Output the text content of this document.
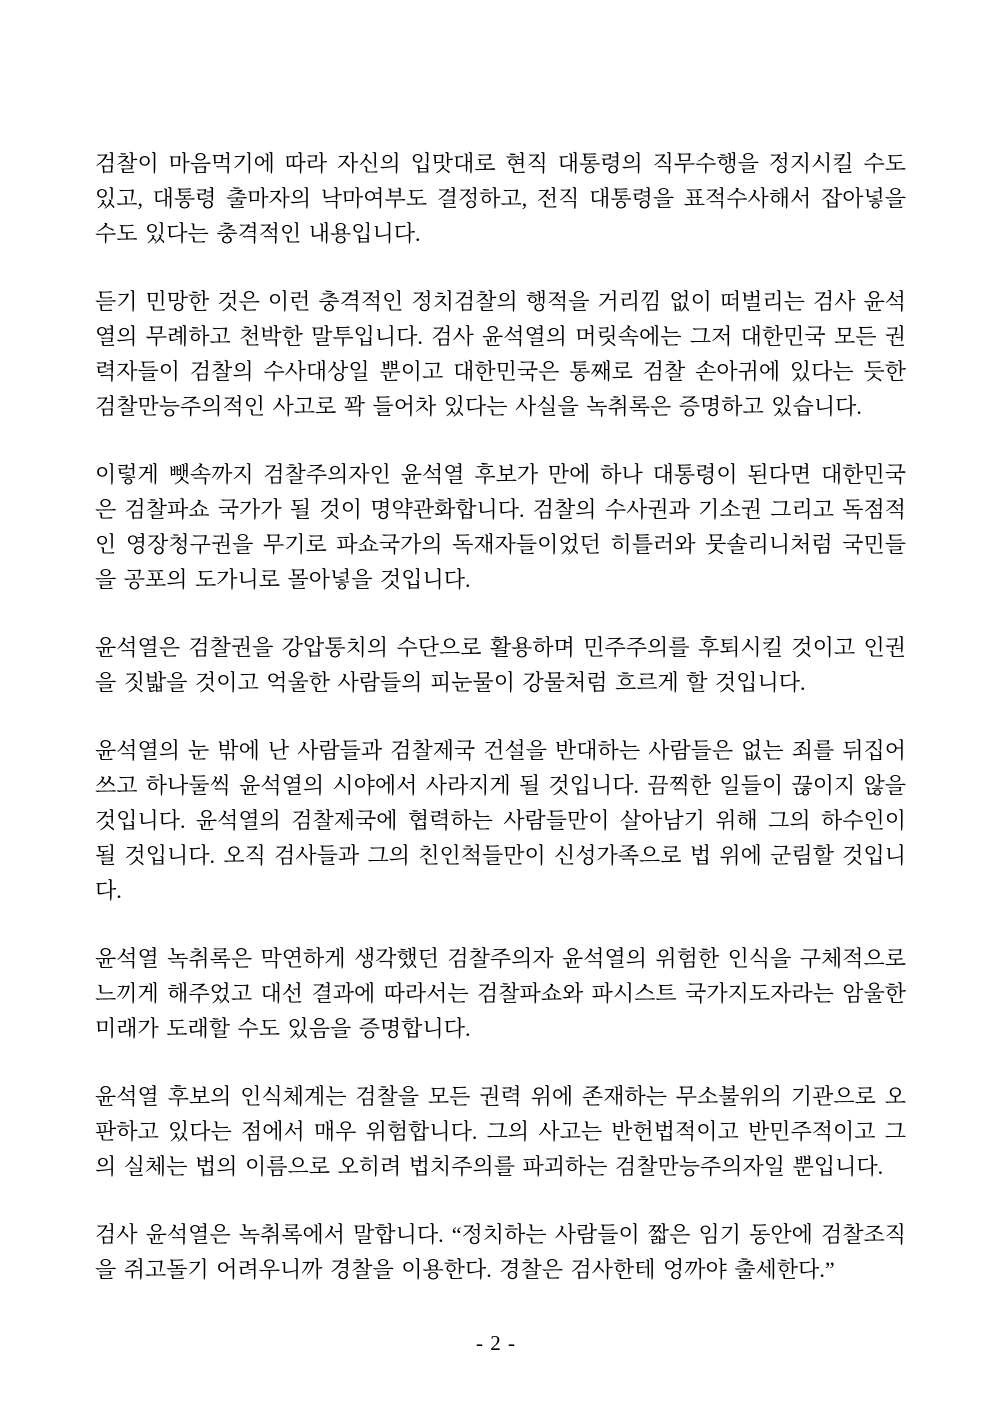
검찰이 마음먹기에 따라 자신의 입맛대로 현직 대통령의 직무수행을 정지시킬 수도 있고, 대통령 출마자의 낙마여부도 결정하고, 전직 대통령을 표적수사해서 잡아넣을 수도 있다는 충격적인 내용입니다.

듣기 민망한 것은 이런 충격적인 정치검찰의 행적을 거리낌 없이 떠벌리는 검사 윤석열의 무례하고 천박한 말투입니다. 검사 윤석열의 머릿속에는 그저 대한민국 모든 권력자들이 검찰의 수사대상일 뿐이고 대한민국은 통째로 검찰 손아귀에 있다는 듯한 검찰만능주의적인 사고로 꽉 들어차 있다는 사실을 녹취록은 증명하고 있습니다.

이렇게 뺏속까지 검찰주의자인 윤석열 후보가 만에 하나 대통령이 된다면 대한민국은 검찰파쇼 국가가 될 것이 명약관화합니다. 검찰의 수사권과 기소권 그리고 독점적인 영장청구권을 무기로 파쇼국가의 독재자들이었던 히틀러와 뭇솔리니처럼 국민들을 공포의 도가니로 몰아넣을 것입니다.

윤석열은 검찰권을 강압통치의 수단으로 활용하며 민주주의를 후퇴시킬 것이고 인권을 짓밟을 것이고 억울한 사람들의 피눈물이 강물처럼 흐르게 할 것입니다.

윤석열의 눈 밖에 난 사람들과 검찰제국 건설을 반대하는 사람들은 없는 죄를 뒤집어쓰고 하나둘씩 윤석열의 시야에서 사라지게 될 것입니다. 끔찍한 일들이 끊이지 않을 것입니다. 윤석열의 검찰제국에 협력하는 사람들만이 살아남기 위해 그의 하수인이 될 것입니다. 오직 검사들과 그의 친인척들만이 신성가족으로 법 위에 군림할 것입니다.

윤석열 녹취록은 막연하게 생각했던 검찰주의자 윤석열의 위험한 인식을 구체적으로 느끼게 해주었고 대선 결과에 따라서는 검찰파쇼와 파시스트 국가지도자라는 암울한 미래가 도래할 수도 있음을 증명합니다.

윤석열 후보의 인식체계는 검찰을 모든 권력 위에 존재하는 무소불위의 기관으로 오판하고 있다는 점에서 매우 위험합니다. 그의 사고는 반헌법적이고 반민주적이고 그의 실체는 법의 이름으로 오히려 법치주의를 파괴하는 검찰만능주의자일 뿐입니다.

검사 윤석열은 녹취록에서 말합니다. “정치하는 사람들이 짧은 임기 동안에 검찰조직을 쥐고돌기 어려우니까 경찰을 이용한다. 경찰은 검사한테 엉까야 출세한다.”

- 2 -
